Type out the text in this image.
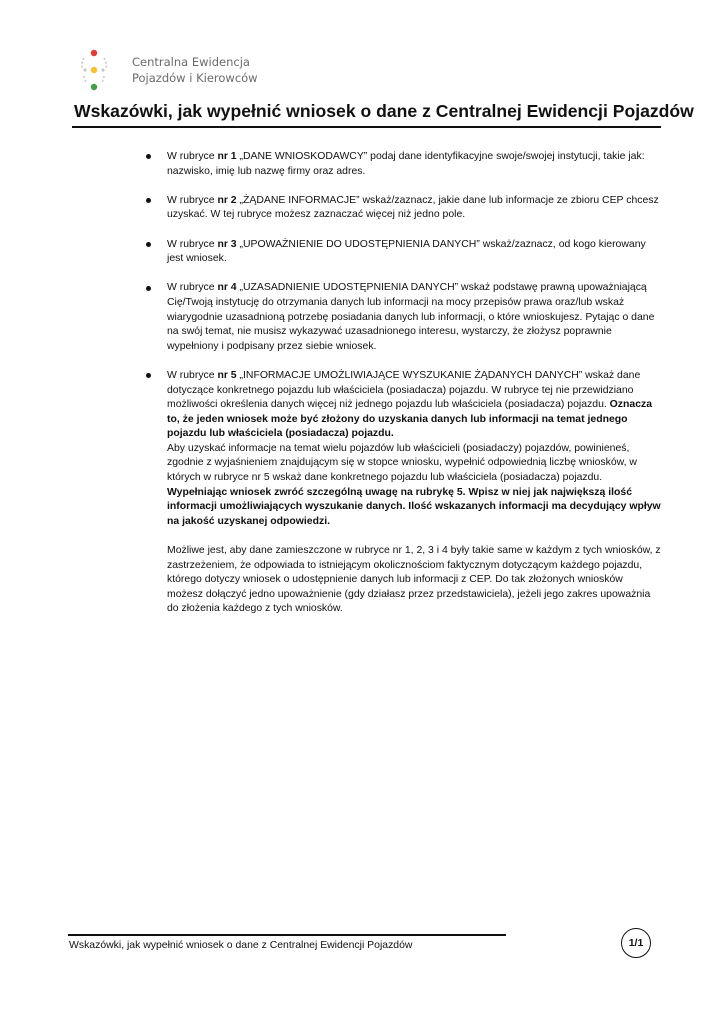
Centralna Ewidencja
Pojazdów i Kierowców
Wskazówki, jak wypełnić wniosek o dane z Centralnej Ewidencji Pojazdów

W rubryce nr 1 „DANE WNIOSKODAWCY” podaj dane identyfikacyjne swoje/swojej instytucji, takie jak: nazwisko, imię lub nazwę firmy oraz adres.

W rubryce nr 2 „ŻĄDANE INFORMACJE” wskaż/zaznacz, jakie dane lub informacje ze zbioru CEP chcesz uzyskać. W tej rubryce możesz zaznaczać więcej niż jedno pole.

W rubryce nr 3 „UPOWAŻNIENIE DO UDOSTĘPNIENIA DANYCH” wskaż/zaznacz, od kogo kierowany jest wniosek.

W rubryce nr 4 „UZASADNIENIE UDOSTĘPNIENIA DANYCH” wskaż podstawę prawną upoważniającą Cię/Twoją instytucję do otrzymania danych lub informacji na mocy przepisów prawa oraz/lub wskaż wiarygodnie uzasadnioną potrzebę posiadania danych lub informacji, o które wnioskujesz. Pytając o dane na swój temat, nie musisz wykazywać uzasadnionego interesu, wystarczy, że złożysz poprawnie wypełniony i podpisany przez siebie wniosek.

W rubryce nr 5 „INFORMACJE UMOŻLIWIAJĄCE WYSZUKANIE ŻĄDANYCH DANYCH” wskaż dane dotyczące konkretnego pojazdu lub właściciela (posiadacza) pojazdu. W rubryce tej nie przewidziano możliwości określenia danych więcej niż jednego pojazdu lub właściciela (posiadacza) pojazdu. Oznacza to, że jeden wniosek może być złożony do uzyskania danych lub informacji na temat jednego pojazdu lub właściciela (posiadacza) pojazdu.

Aby uzyskać informacje na temat wielu pojazdów lub właścicieli (posiadaczy) pojazdów, powinieneś, zgodnie z wyjaśnieniem znajdującym się w stopce wniosku, wypełnić odpowiednią liczbę wniosków, w których w rubryce nr 5 wskaż dane konkretnego pojazdu lub właściciela (posiadacza) pojazdu.

Wypełniając wniosek zwróć szczególną uwagę na rubrykę 5. Wpisz w niej jak największą ilość informacji umożliwiających wyszukanie danych. Ilość wskazanych informacji ma decydujący wpływ na jakość uzyskanej odpowiedzi.

Możliwe jest, aby dane zamieszczone w rubryce nr 1, 2, 3 i 4 były takie same w każdym z tych wniosków, z zastrzeżeniem, że odpowiada to istniejącym okolicznościom faktycznym dotyczącym każdego pojazdu, którego dotyczy wniosek o udostępnienie danych lub informacji z CEP. Do tak złożonych wniosków możesz dołączyć jedno upoważnienie (gdy działasz przez przedstawiciela), jeżeli jego zakres upoważnia do złożenia każdego z tych wniosków.

Wskazówki, jak wypełnić wniosek o dane z Centralnej Ewidencji Pojazdów	1/1
